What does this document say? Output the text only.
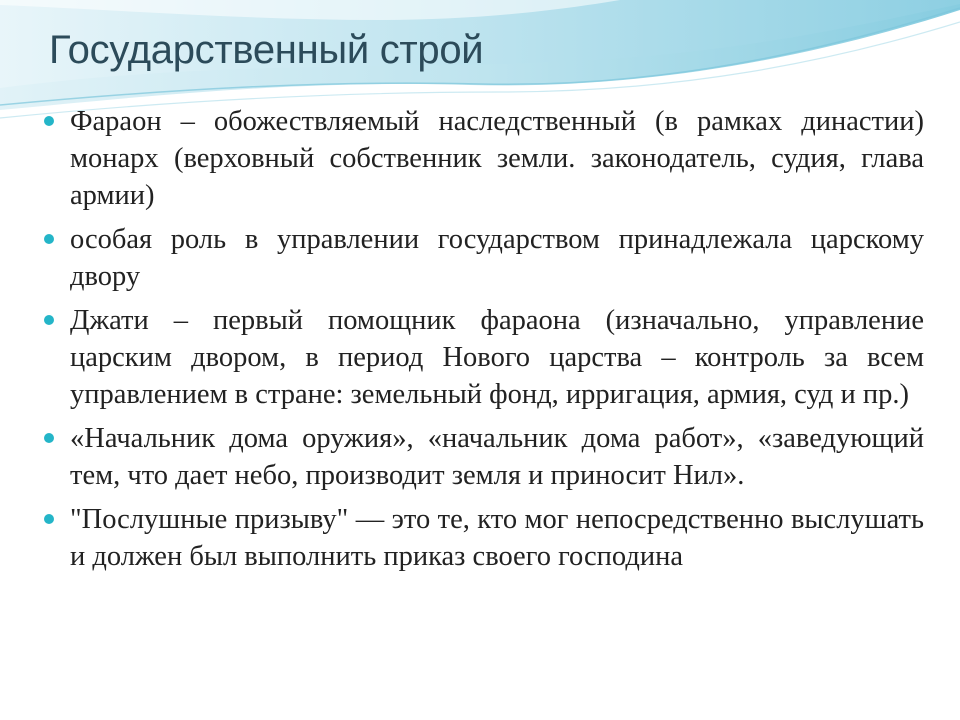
Государственный строй
Фараон – обожествляемый наследственный (в рамках династии) монарх (верховный собственник земли. законодатель, судия, глава армии)
особая роль в управлении государством принадлежала царскому двору
Джати – первый помощник фараона (изначально, управление царским двором, в период Нового царства – контроль за всем управлением в стране: земельный фонд, ирригация, армия, суд и пр.)
«Начальник дома оружия», «начальник дома работ», «заведующий тем, что дает небо, производит земля и приносит Нил».
"Послушные призыву" — это те, кто мог непосредственно выслушать и должен был выполнить приказ своего господина
